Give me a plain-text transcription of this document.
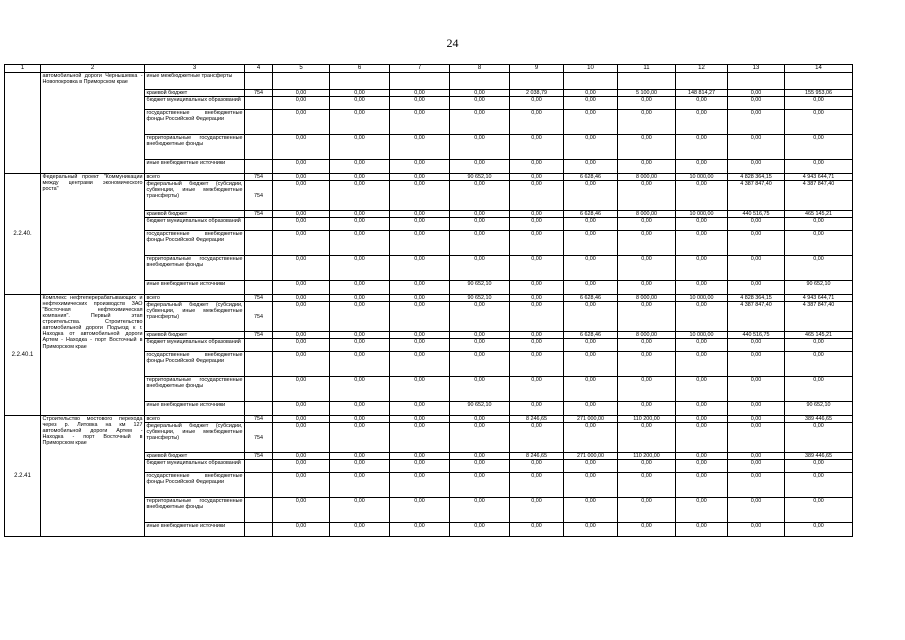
24
1	2	3	4	5	6	7	8	9	10	11	12	13	14
	автомобильной дороги Чернышевка - Новопокровка в Приморском крае	иные межбюджетные трансферты											
		краевой бюджет	754	0,00	0,00	0,00	0,00	2 038,79	0,00	5 100,00	148 814,27	0,00	155 953,06
		бюджет муниципальных образований		0,00	0,00	0,00	0,00	0,00	0,00	0,00	0,00	0,00	0,00
		государственные внебюджетные фонды Российской Федерации		0,00	0,00	0,00	0,00	0,00	0,00	0,00	0,00	0,00	0,00
		территориальные государственные внебюджетные фонды		0,00	0,00	0,00	0,00	0,00	0,00	0,00	0,00	0,00	0,00
		иные внебюджетные источники		0,00	0,00	0,00	0,00	0,00	0,00	0,00	0,00	0,00	0,00
2.2.40.	Федеральный проект "Коммуникации между центрами экономического роста"	всего	754	0,00	0,00	0,00	90 652,10	0,00	6 628,46	8 000,00	10 000,00	4 828 364,15	4 943 644,71
		федеральный бюджет (субсидии, субвенции, иные межбюджетные трансферты)	754	0,00	0,00	0,00	0,00	0,00	0,00	0,00	0,00	4 387 847,40	4 387 847,40
		краевой бюджет	754	0,00	0,00	0,00	0,00	0,00	6 628,46	8 000,00	10 000,00	440 516,75	465 145,21
		бюджет муниципальных образований		0,00	0,00	0,00	0,00	0,00	0,00	0,00	0,00	0,00	0,00
		государственные внебюджетные фонды Российской Федерации		0,00	0,00	0,00	0,00	0,00	0,00	0,00	0,00	0,00	0,00
		территориальные государственные внебюджетные фонды		0,00	0,00	0,00	0,00	0,00	0,00	0,00	0,00	0,00	0,00
		иные внебюджетные источники		0,00	0,00	0,00	90 652,10	0,00	0,00	0,00	0,00	0,00	90 652,10
2.2.40.1	Комплекс нефтеперерабатывающих и нефтехимических производств ЗАО "Восточная нефтехимическая компания". Первый этап строительства. Строительство автомобильной дороги Подъезд к г. Находка от автомобильной дороги Артем - Находка - порт Восточный в Приморском крае	всего	754	0,00	0,00	0,00	90 652,10	0,00	6 628,46	8 000,00	10 000,00	4 828 364,15	4 943 644,71
		федеральный бюджет (субсидии, субвенции, иные межбюджетные трансферты)	754	0,00	0,00	0,00	0,00	0,00	0,00	0,00	0,00	4 387 847,40	4 387 847,40
		краевой бюджет	754	0,00	0,00	0,00	0,00	0,00	6 628,46	8 000,00	10 000,00	440 516,75	465 145,21
		бюджет муниципальных образований		0,00	0,00	0,00	0,00	0,00	0,00	0,00	0,00	0,00	0,00
		государственные внебюджетные фонды Российской Федерации		0,00	0,00	0,00	0,00	0,00	0,00	0,00	0,00	0,00	0,00
		территориальные государственные внебюджетные фонды		0,00	0,00	0,00	0,00	0,00	0,00	0,00	0,00	0,00	0,00
		иные внебюджетные источники		0,00	0,00	0,00	90 652,10	0,00	0,00	0,00	0,00	0,00	90 652,10
2.2.41	Строительство мостового перехода через р. Литовка на км 127 автомобильной дороги Артем - Находка - порт Восточный в Приморском крае	всего	754	0,00	0,00	0,00	0,00	8 246,65	271 000,00	110 200,00	0,00	0,00	389 446,65
		федеральный бюджет (субсидии, субвенции, иные межбюджетные трансферты)	754	0,00	0,00	0,00	0,00	0,00	0,00	0,00	0,00	0,00	0,00
		краевой бюджет	754	0,00	0,00	0,00	0,00	8 246,65	271 000,00	110 200,00	0,00	0,00	389 446,65
		бюджет муниципальных образований		0,00	0,00	0,00	0,00	0,00	0,00	0,00	0,00	0,00	0,00
		государственные внебюджетные фонды Российской Федерации		0,00	0,00	0,00	0,00	0,00	0,00	0,00	0,00	0,00	0,00
		территориальные государственные внебюджетные фонды		0,00	0,00	0,00	0,00	0,00	0,00	0,00	0,00	0,00	0,00
		иные внебюджетные источники		0,00	0,00	0,00	0,00	0,00	0,00	0,00	0,00	0,00	0,00
